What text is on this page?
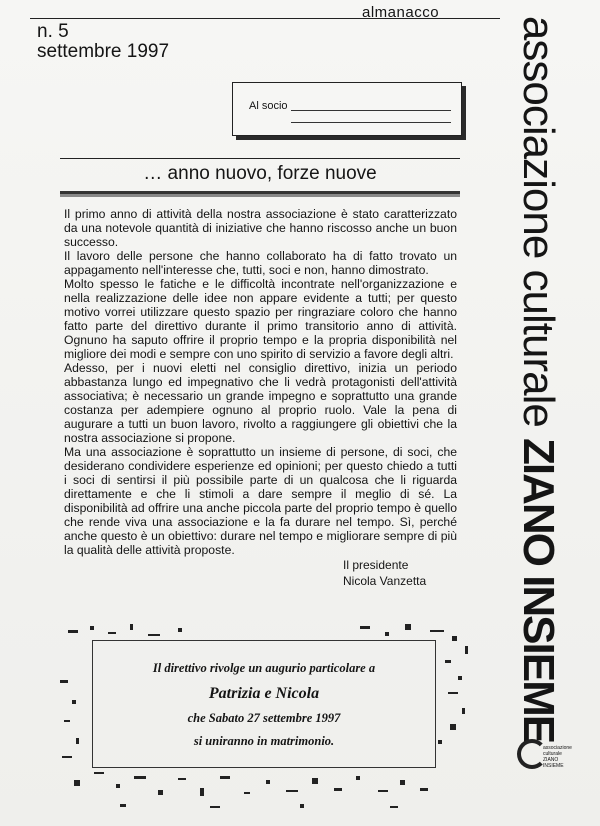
almanacco
n. 5
settembre 1997	associazione culturale ZIANO INSIEME
associazione culturale ZIANO INSIEME
Al socio
… anno nuovo, forze nuove

Il primo anno di attività della nostra associazione è stato caratterizzato da una notevole quantità di iniziative che hanno riscosso anche un buon successo.

Il lavoro delle persone che hanno collaborato ha di fatto trovato un appagamento nell'interesse che, tutti, soci e non, hanno dimostrato.

Molto spesso le fatiche e le difficoltà incontrate nell'organizzazione e nella realizzazione delle idee non appare evidente a tutti; per questo motivo vorrei utilizzare questo spazio per ringraziare coloro che hanno fatto parte del direttivo durante il primo transitorio anno di attività. Ognuno ha saputo offrire il proprio tempo e la propria disponibilità nel migliore dei modi e sempre con uno spirito di servizio a favore degli altri.

Adesso, per i nuovi eletti nel consiglio direttivo, inizia un periodo abbastanza lungo ed impegnativo che li vedrà protagonisti dell'attività associativa; è necessario un grande impegno e soprattutto una grande costanza per adempiere ognuno al proprio ruolo. Vale la pena di augurare a tutti un buon lavoro, rivolto a raggiungere gli obiettivi che la nostra associazione si propone.

Ma una associazione è soprattutto un insieme di persone, di soci, che desiderano condividere esperienze ed opinioni; per questo chiedo a tutti i soci di sentirsi il più possibile parte di un qualcosa che li riguarda direttamente e che li stimoli a dare sempre il meglio di sé. La disponibilità ad offrire una anche piccola parte del proprio tempo è quello che rende viva una associazione e la fa durare nel tempo. Sì, perché anche questo è un obiettivo: durare nel tempo e migliorare sempre di più la qualità delle attività proposte.

Il presidente
Nicola Vanzetta
Il direttivo rivolge un augurio particolare a
Patrizia e Nicola
che Sabato 27 settembre 1997
si uniranno in matrimonio.
